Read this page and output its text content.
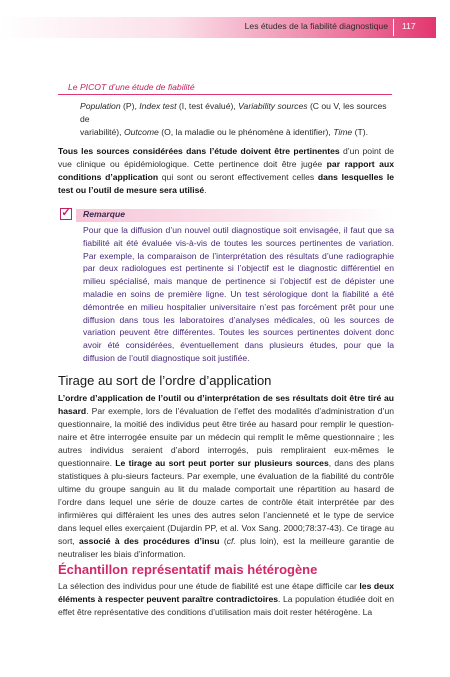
Les études de la fiabilité diagnostique 117
Le PICOT d’une étude de fiabilité
Population (P), Index test (I, test évalué), Variability sources (C ou V, les sources de
variabilité), Outcome (O, la maladie ou le phénomène à identifier), Time (T).
Tous les sources considérées dans l’étude doivent être pertinentes d’un point de vue clinique ou épidémiologique. Cette pertinence doit être jugée par rapport aux conditions d’application qui sont ou seront effectivement celles dans lesquelles le test ou l’outil de mesure sera utilisé.
✓ Remarque
Pour que la diffusion d’un nouvel outil diagnostique soit envisagée, il faut que sa fiabilité ait été évaluée vis-à-vis de toutes les sources pertinentes de variation. Par exemple, la comparaison de l’interprétation des résultats d’une radiographie par deux radiologues est pertinente si l’objectif est le diagnostic différentiel en milieu spécialisé, mais manque de pertinence si l’objectif est de dépister une maladie en soins de première ligne. Un test sérologique dont la fiabilité a été démontrée en milieu hospitalier universitaire n’est pas forcément prêt pour une diffusion dans tous les laboratoires d’analyses médicales, où les sources de variation peuvent être différentes. Toutes les sources pertinentes doivent donc avoir été considérées, éventuellement dans plusieurs études, pour que la diffusion de l’outil diagnostique soit justifiée.
Tirage au sort de l’ordre d’application
L’ordre d’application de l’outil ou d’interprétation de ses résultats doit être tiré au hasard. Par exemple, lors de l’évaluation de l’effet des modalités d’administration d’un questionnaire, la moitié des individus peut être tirée au hasard pour remplir le question-naire et être interrogée ensuite par un médecin qui remplit le même questionnaire ; les autres individus seraient d’abord interrogés, puis rempliraient eux-mêmes le questionnaire. Le tirage au sort peut porter sur plusieurs sources, dans des plans statistiques à plu-sieurs facteurs. Par exemple, une évaluation de la fiabilité du contrôle ultime du groupe sanguin au lit du malade comportait une répartition au hasard de l’ordre dans lequel une série de douze cartes de contrôle était interprétée par des infirmières qui différaient les unes des autres selon l’ancienneté et le type de service dans lequel elles exerçaient (Dujardin PP, et al. Vox Sang. 2000;78:37-43). Ce tirage au sort, associé à des procédures d’insu (cf. plus loin), est la meilleure garantie de neutraliser les biais d’information.
Échantillon représentatif mais hétérogène
La sélection des individus pour une étude de fiabilité est une étape difficile car les deux éléments à respecter peuvent paraître contradictoires. La population étudiée doit en effet être représentative des conditions d’utilisation mais doit rester hétérogène. La
